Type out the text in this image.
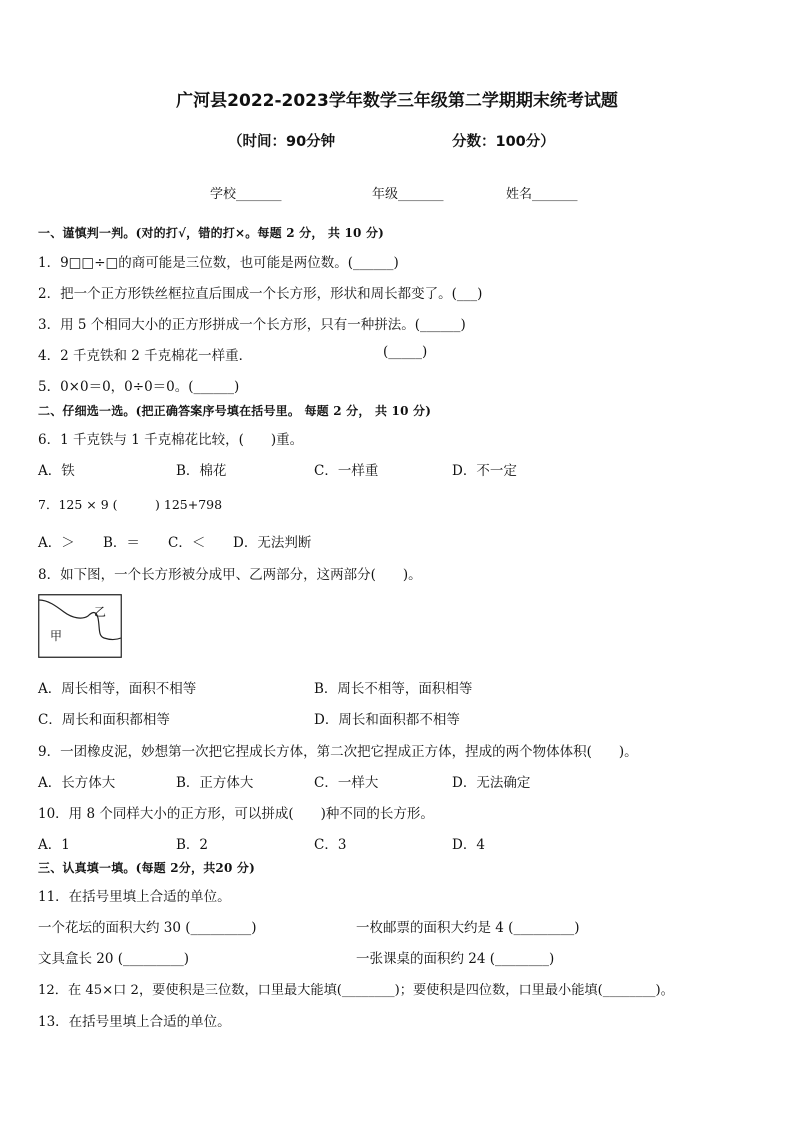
广河县2022-2023学年数学三年级第二学期期末统考试题
（时间：90分钟	分数：100分）
学校_______	年级_______	姓名_______
一、谨慎判一判。(对的打√，错的打×。每题 2 分， 共 10 分)
1．9□□÷□的商可能是三位数，也可能是两位数。(______)
2．把一个正方形铁丝框拉直后围成一个长方形，形状和周长都变了。(___)
3．用 5 个相同大小的正方形拼成一个长方形，只有一种拼法。(______)
4．2 千克铁和 2 千克棉花一样重．	(_____)
5．0×0＝0，0÷0＝0。(______)
二、仔细选一选。(把正确答案序号填在括号里。 每题 2 分， 共 10 分)
6．1 千克铁与 1 千克棉花比较，(　　)重。
A．铁	B．棉花	C．一样重	D．不一定
7．125 × 9 (　　　) 125+798
A．＞ B．＝ C．＜ D．无法判断
8．如下图，一个长方形被分成甲、乙两部分，这两部分(　　)。
甲
乙
A．周长相等，面积不相等	B．周长不相等，面积相等
C．周长和面积都相等	D．周长和面积都不相等
9．一团橡皮泥，妙想第一次把它捏成长方体，第二次把它捏成正方体，捏成的两个物体体积(　　)。
A．长方体大	B．正方体大	C．一样大	D．无法确定
10．用 8 个同样大小的正方形，可以拼成(　　)种不同的长方形。
A．1	B．2	C．3	D．4
三、认真填一填。(每题 2分，共20 分)
11．在括号里填上合适的单位。
一个花坛的面积大约 30 (_________)	一枚邮票的面积大约是 4 (_________)
文具盒长 20 (_________)	一张课桌的面积约 24 (________)
12．在 45×口 2，要使积是三位数，口里最大能填(________)；要使积是四位数，口里最小能填(________)。
13．在括号里填上合适的单位。
